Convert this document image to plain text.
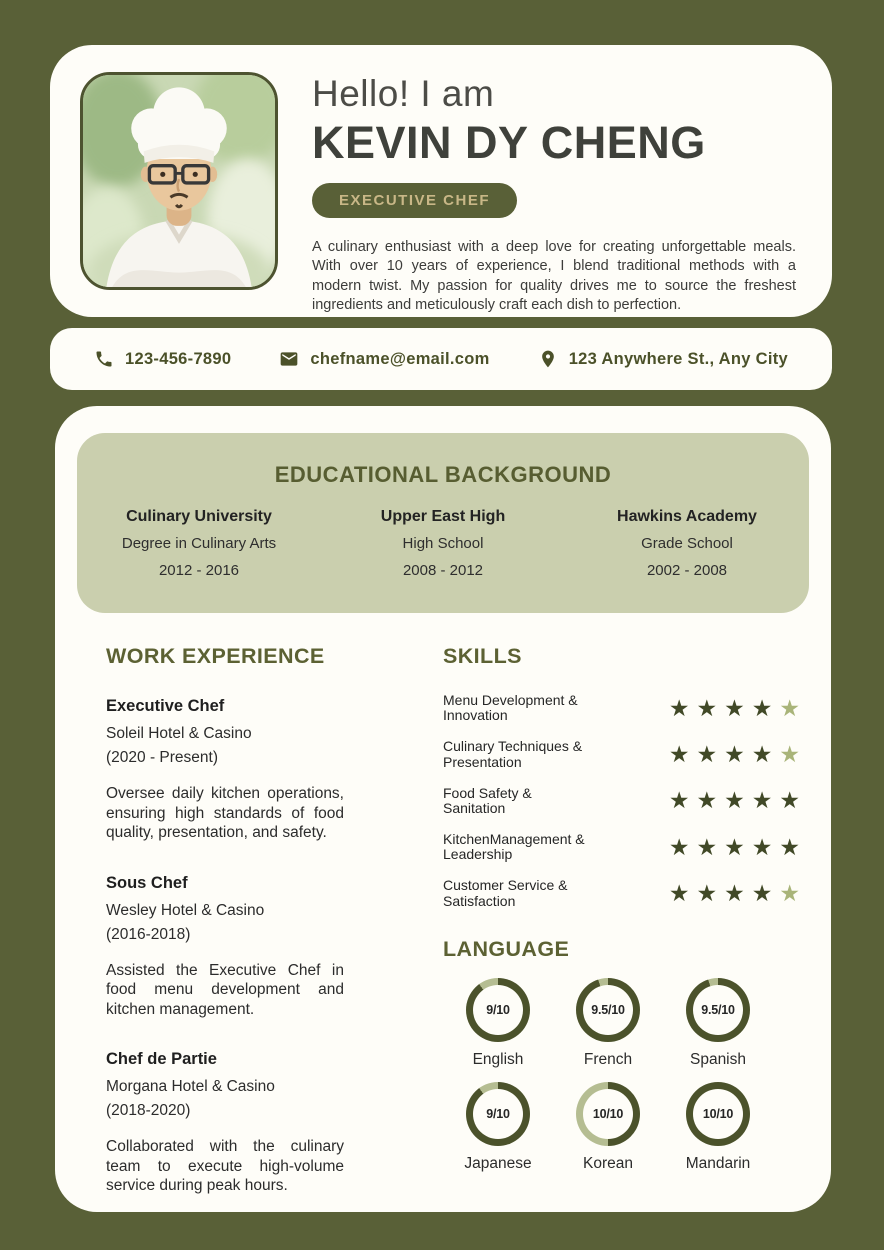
Hello! I am
KEVIN DY CHENG
EXECUTIVE CHEF
A culinary enthusiast with a deep love for creating unforgettable meals. With over 10 years of experience, I blend traditional methods with a modern twist. My passion for quality drives me to source the freshest ingredients and meticulously craft each dish to perfection.
123-456-7890	chefname@email.com	123 Anywhere St., Any City
EDUCATIONAL BACKGROUND
Culinary University
Degree in Culinary Arts
2012 - 2016
Upper East High
High School
2008 - 2012
Hawkins Academy
Grade School
2002 - 2008
WORK EXPERIENCE
Executive Chef
Soleil Hotel & Casino
(2020 - Present)
Oversee daily kitchen operations, ensuring high standards of food quality, presentation, and safety.
Sous Chef
Wesley Hotel & Casino
(2016-2018)
Assisted the Executive Chef in food menu development and kitchen management.
Chef de Partie
Morgana Hotel & Casino
(2018-2020)
Collaborated with the culinary team to execute high-volume service during peak hours.
SKILLS
Menu Development &
Innovation	★ ★ ★ ★ ★
Culinary Techniques &
Presentation	★ ★ ★ ★ ★
Food Safety &
Sanitation	★ ★ ★ ★ ★
KitchenManagement &
Leadership	★ ★ ★ ★ ★
Customer Service &
Satisfaction	★ ★ ★ ★ ★
LANGUAGE
9/10
English
9.5/10
French
9.5/10
Spanish
9/10
Japanese
10/10
Korean
10/10
Mandarin
